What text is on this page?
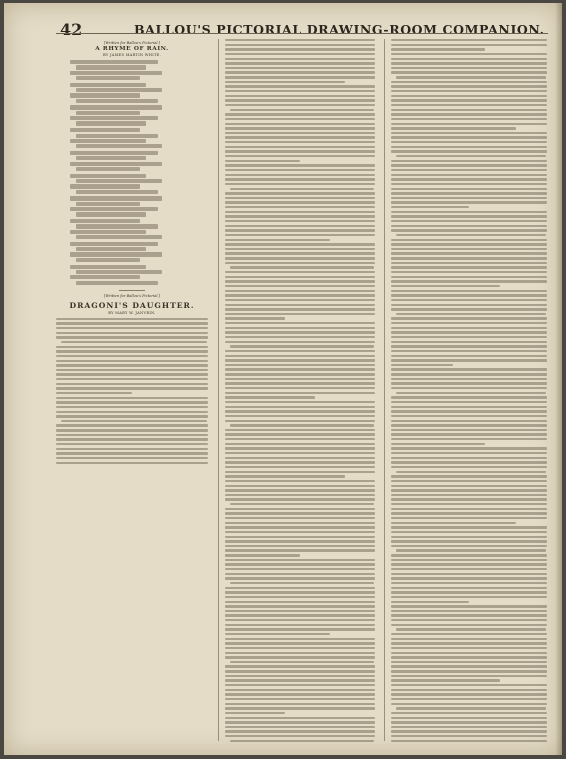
42	BALLOU'S PICTORIAL DRAWING-ROOM COMPANION.
[Written for Ballou's Pictorial.]
A RHYME OF RAIN.
BY JAMES MARTIN WHITE.
[Written for Ballou's Pictorial.]
DRAGONI'S DAUGHTER.
BY MARY W. JANVRIN.
